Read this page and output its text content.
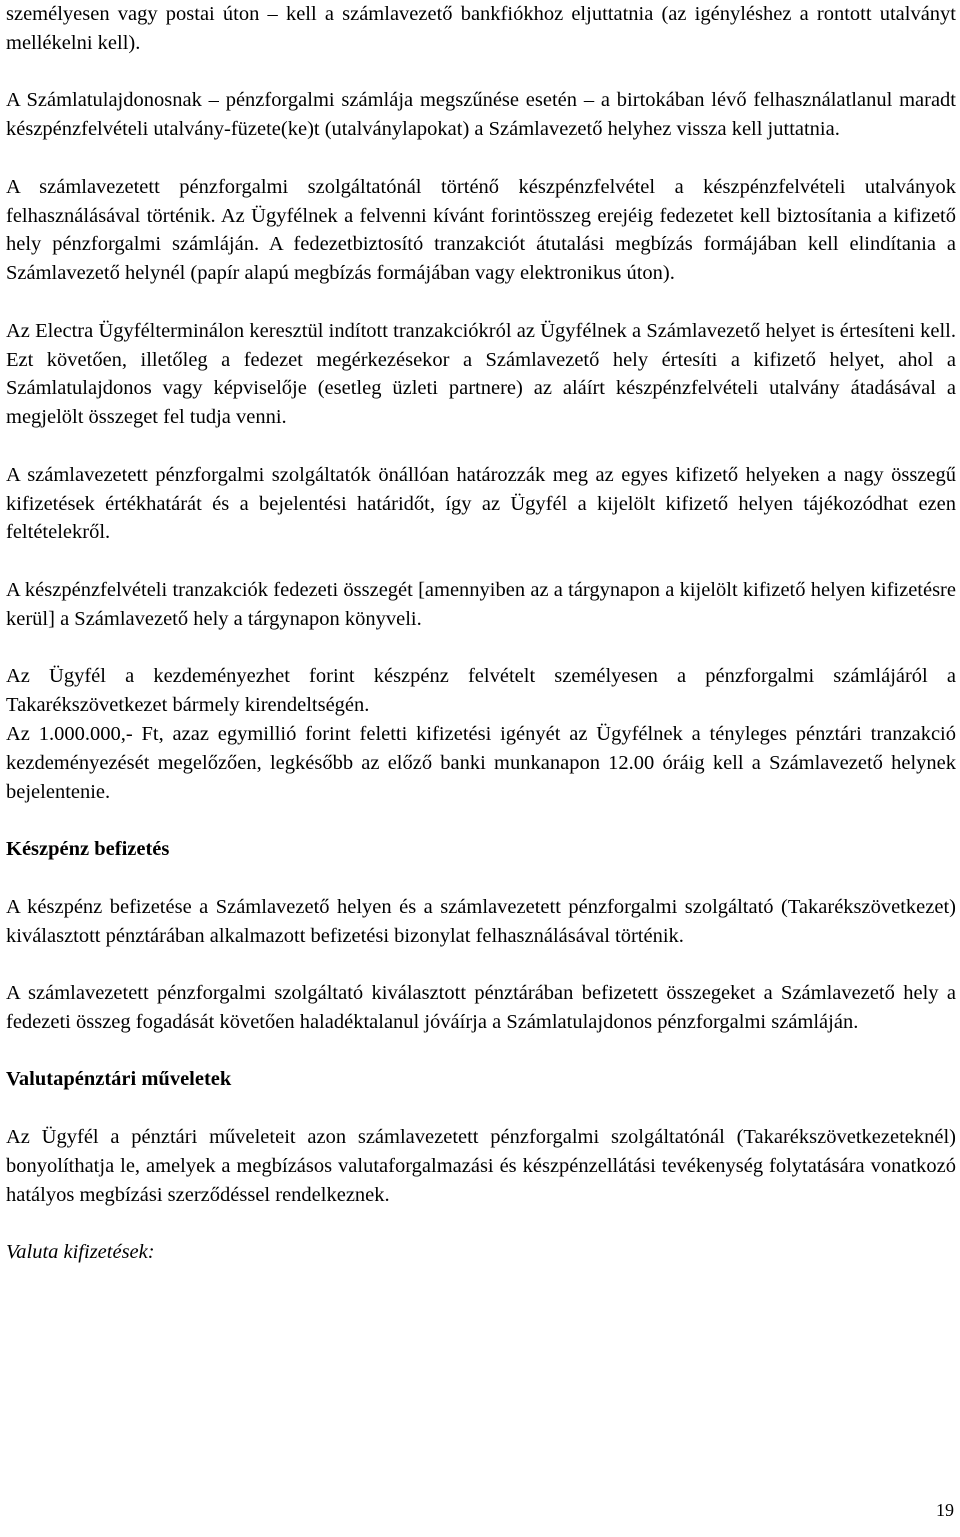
személyesen vagy postai úton – kell a számlavezető bankfiókhoz eljuttatnia (az igényléshez a rontott utalványt mellékelni kell).

A Számlatulajdonosnak – pénzforgalmi számlája megszűnése esetén – a birtokában lévő felhasználatlanul maradt készpénzfelvételi utalvány-füzete(ke)t (utalványlapokat) a Számlavezető helyhez vissza kell juttatnia.

A számlavezetett pénzforgalmi szolgáltatónál történő készpénzfelvétel a készpénzfelvételi utalványok felhasználásával történik. Az Ügyfélnek a felvenni kívánt forintösszeg erejéig fedezetet kell biztosítania a kifizető hely pénzforgalmi számláján. A fedezetbiztosító tranzakciót átutalási megbízás formájában kell elindítania a Számlavezető helynél (papír alapú megbízás formájában vagy elektronikus úton).

Az Electra Ügyfélterminálon keresztül indított tranzakciókról az Ügyfélnek a Számlavezető helyet is értesíteni kell. Ezt követően, illetőleg a fedezet megérkezésekor a Számlavezető hely értesíti a kifizető helyet, ahol a Számlatulajdonos vagy képviselője (esetleg üzleti partnere) az aláírt készpénzfelvételi utalvány átadásával a megjelölt összeget fel tudja venni.

A számlavezetett pénzforgalmi szolgáltatók önállóan határozzák meg az egyes kifizető helyeken a nagy összegű kifizetések értékhatárát és a bejelentési határidőt, így az Ügyfél a kijelölt kifizető helyen tájékozódhat ezen feltételekről.

A készpénzfelvételi tranzakciók fedezeti összegét [amennyiben az a tárgynapon a kijelölt kifizető helyen kifizetésre kerül] a Számlavezető hely a tárgynapon könyveli.

Az Ügyfél a kezdeményezhet forint készpénz felvételt személyesen a pénzforgalmi számlájáról a Takarékszövetkezet bármely kirendeltségén.

Az 1.000.000,- Ft, azaz egymillió forint feletti kifizetési igényét az Ügyfélnek a tényleges pénztári tranzakció kezdeményezését megelőzően, legkésőbb az előző banki munkanapon 12.00 óráig kell a Számlavezető helynek bejelentenie.

Készpénz befizetés

A készpénz befizetése a Számlavezető helyen és a számlavezetett pénzforgalmi szolgáltató (Takarékszövetkezet) kiválasztott pénztárában alkalmazott befizetési bizonylat felhasználásával történik.

A számlavezetett pénzforgalmi szolgáltató kiválasztott pénztárában befizetett összegeket a Számlavezető hely a fedezeti összeg fogadását követően haladéktalanul jóváírja a Számlatulajdonos pénzforgalmi számláján.

Valutapénztári műveletek

Az Ügyfél a pénztári műveleteit azon számlavezetett pénzforgalmi szolgáltatónál (Takarékszövetkezeteknél) bonyolíthatja le, amelyek a megbízásos valutaforgalmazási és készpénzellátási tevékenység folytatására vonatkozó hatályos megbízási szerződéssel rendelkeznek.

Valuta kifizetések:

19
